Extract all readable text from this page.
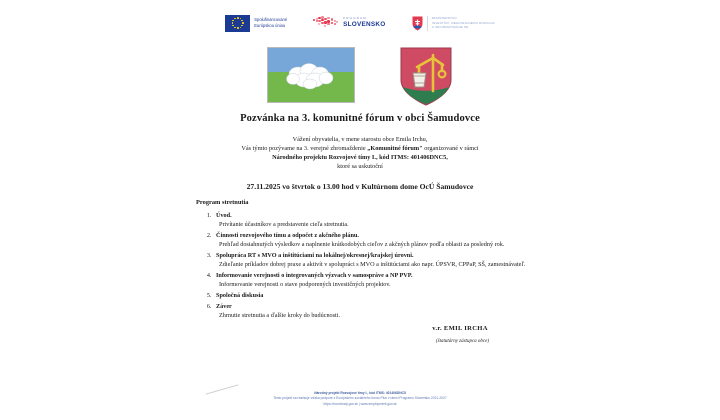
Spolufinancované
Európskou úniou
PROGRAM
SLOVENSKO
MINISTERSTVO
INVESTÍCIÍ, REGIONÁLNEHO ROZVOJA
A INFORMATIZÁCIE SR
Pozvánka na 3. komunitné fórum v obci Šamudovce
Vážení obyvatelia, v mene starostu obce Emila Irchu,
Vás týmto pozývame na 3. verejné zhromaždenie „Komunitné fórum" organizované v rámci
Národného projektu Rozvojové tímy I., kód ITMS: 401406DNC5,
ktoré sa uskutoční
27.11.2025 vo štvrtok o 13.00 hod v Kultúrnom dome OcÚ Šamudovce
Program stretnutia
1. Úvod.
Privítanie účastníkov a predstavenie cieľa stretnutia.
2. Činnosti rozvojového tímu a odpočet z akčného plánu.
Prehľad dosiahnutých výsledkov a naplnenie krátkodobých cieľov z akčných plánov podľa oblasti za posledný rok.
3. Spolupráca RT s MVO a inštitúciami na lokálnej/okresnej/krajskej úrovni.
Zdieľanie príkladov dobrej praxe a aktivít v spolupráci s MVO a inštitúciami ako napr. ÚPSVR, CPPaP, SŠ, zamestnávateľ.
4. Informovanie verejnosti o integrovaných výzvach v samospráve a NP PVP.
Informovanie verejnosti o stave podporených investičných projektov.
5. Spoločná diskusia
6. Záver
Zhrnutie stretnutia a ďalšie kroky do budúcnosti.
v.r. EMIL IRCHA
(štatutárny zástupca obce)
Národný projekt Rozvojové tímy I., kód ITMS: 401406DNC5
Tento projekt sa realizuje vďaka podpore z Európskeho sociálneho fondu Plus v rámci Programu Slovensko 2021-2027
https://eurofondy.gov.sk | www.employment.gov.sk
